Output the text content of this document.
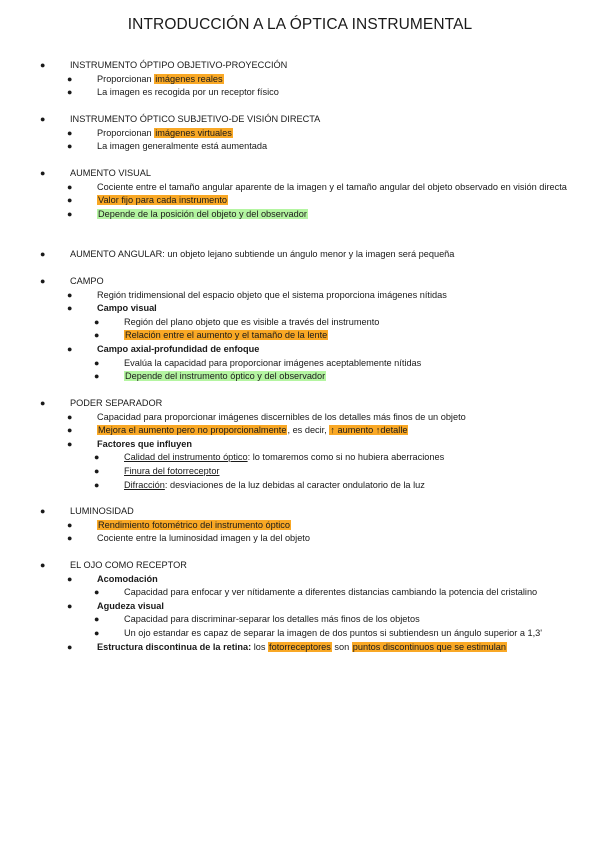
INTRODUCCIÓN A LA ÓPTICA INSTRUMENTAL
●	INSTRUMENTO ÓPTIPO OBJETIVO-PROYECCIÓN
●	Proporcionan imágenes reales
●	La imagen es recogida por un receptor físico
●	INSTRUMENTO ÓPTICO SUBJETIVO-DE VISIÓN DIRECTA
●	Proporcionan imágenes virtuales
●	La imagen generalmente está aumentada
●	AUMENTO VISUAL
●	Cociente entre el tamaño angular aparente de la imagen y el tamaño angular del objeto observado en visión directa
●	Valor fijo para cada instrumento
●	Depende de la posición del objeto y del observador
●	AUMENTO ANGULAR: un objeto lejano subtiende un ángulo menor y la imagen será pequeña
●	CAMPO
●	Región tridimensional del espacio objeto que el sistema proporciona imágenes nítidas
●	Campo visual
●	Región del plano objeto que es visible a través del instrumento
●	Relación entre el aumento y el tamaño de la lente
●	Campo axial-profundidad de enfoque
●	Evalúa la capacidad para proporcionar imágenes aceptablemente nítidas
●	Depende del instrumento óptico y del observador
●	PODER SEPARADOR
●	Capacidad para proporcionar imágenes discernibles de los detalles más finos de un objeto
●	Mejora el aumento pero no proporcionalmente, es decir, ↑ aumento ↑detalle
●	Factores que influyen
●	Calidad del instrumento óptico: lo tomaremos como si no hubiera aberraciones
●	Finura del fotorreceptor
●	Difracción: desviaciones de la luz debidas al caracter ondulatorio de la luz
●	LUMINOSIDAD
●	Rendimiento fotométrico del instrumento óptico
●	Cociente entre la luminosidad imagen y la del objeto
●	EL OJO COMO RECEPTOR
●	Acomodación
●	Capacidad para enfocar y ver nítidamente a diferentes distancias cambiando la potencia del cristalino
●	Agudeza visual
●	Capacidad para discriminar-separar los detalles más finos de los objetos
●	Un ojo estandar es capaz de separar la imagen de dos puntos si subtiendesn un ángulo superior a 1,3'
●	Estructura discontinua de la retina: los fotorreceptores son puntos discontinuos que se estimulan
